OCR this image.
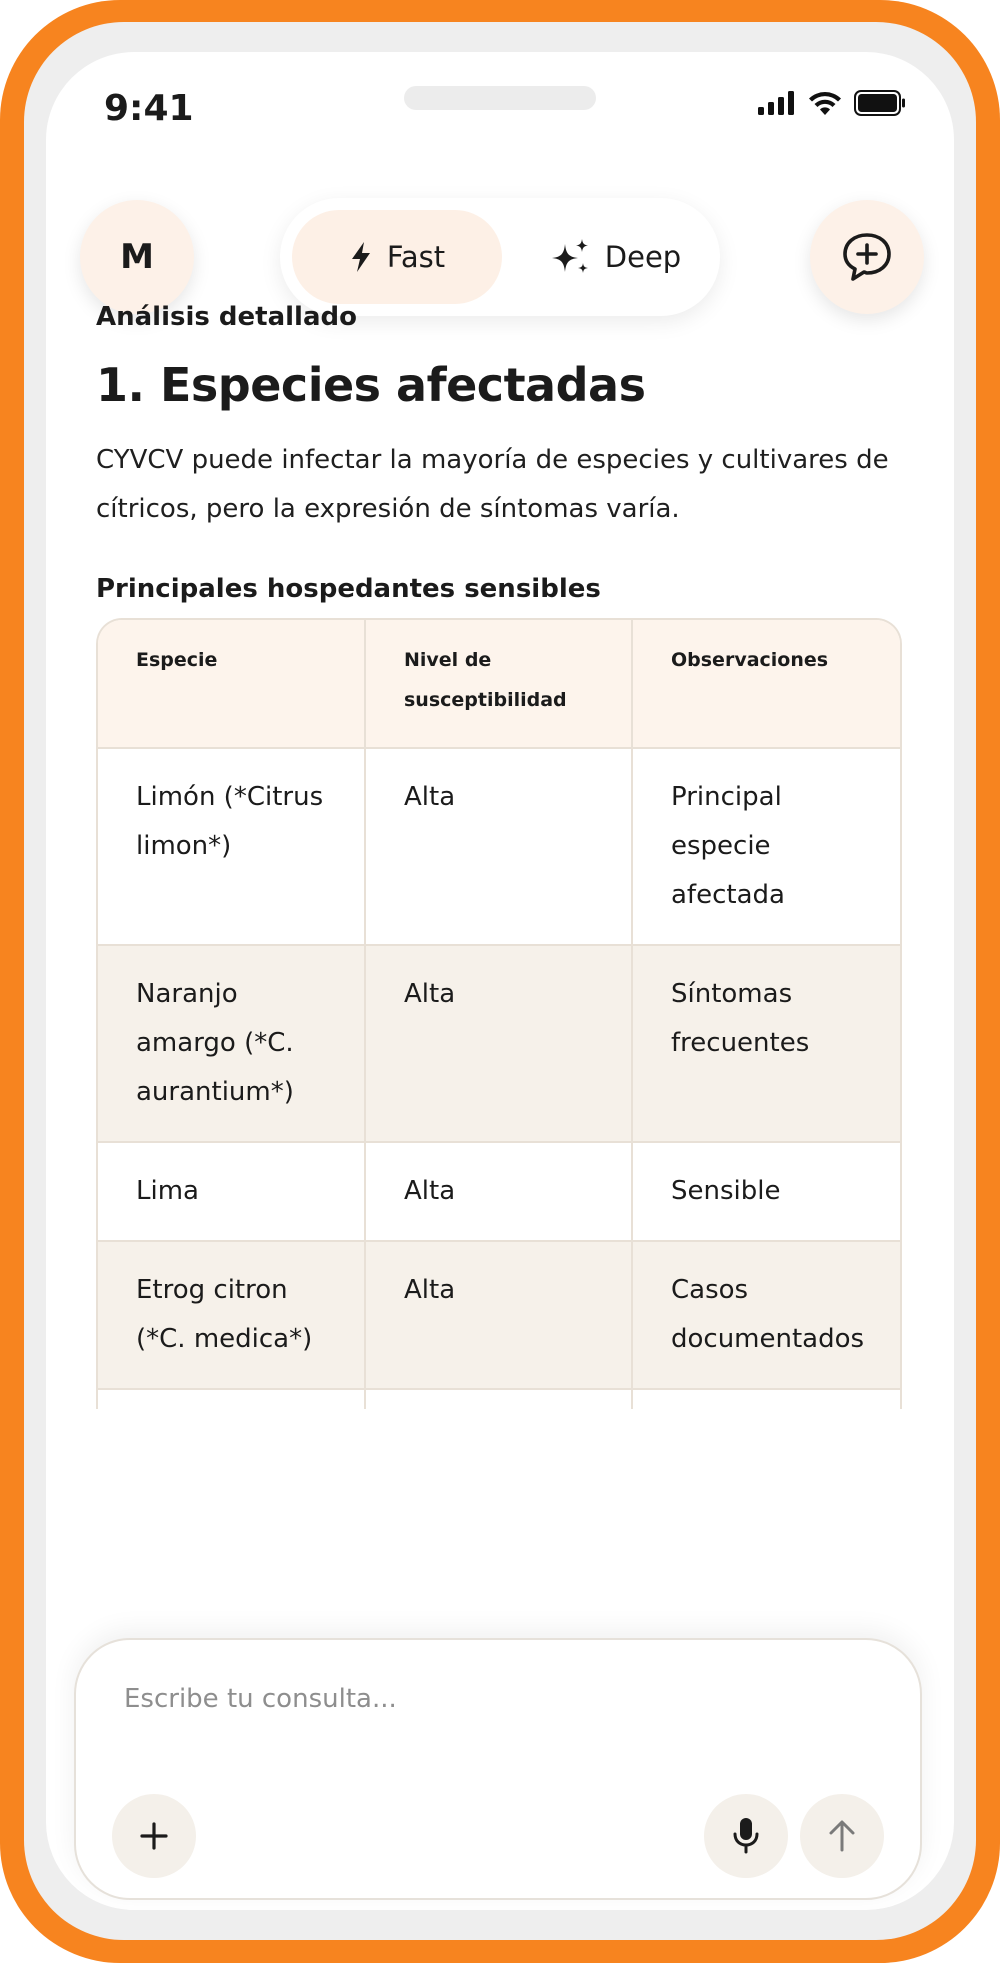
9:41
M	Fast	Deep
Análisis detallado
1. Especies afectadas
CYVCV puede infectar la mayoría de especies y cultivares de cítricos, pero la expresión de síntomas varía.
Principales hospedantes sensibles
Especie	Nivel de susceptibilidad	Observaciones
Limón (*Citrus limon*)	Alta	Principal especie afectada
Naranjo amargo (*C. aurantium*)	Alta	Síntomas frecuentes
Lima	Alta	Sensible
Etrog citron (*C. medica*)	Alta	Casos documentados

Escribe tu consulta...
